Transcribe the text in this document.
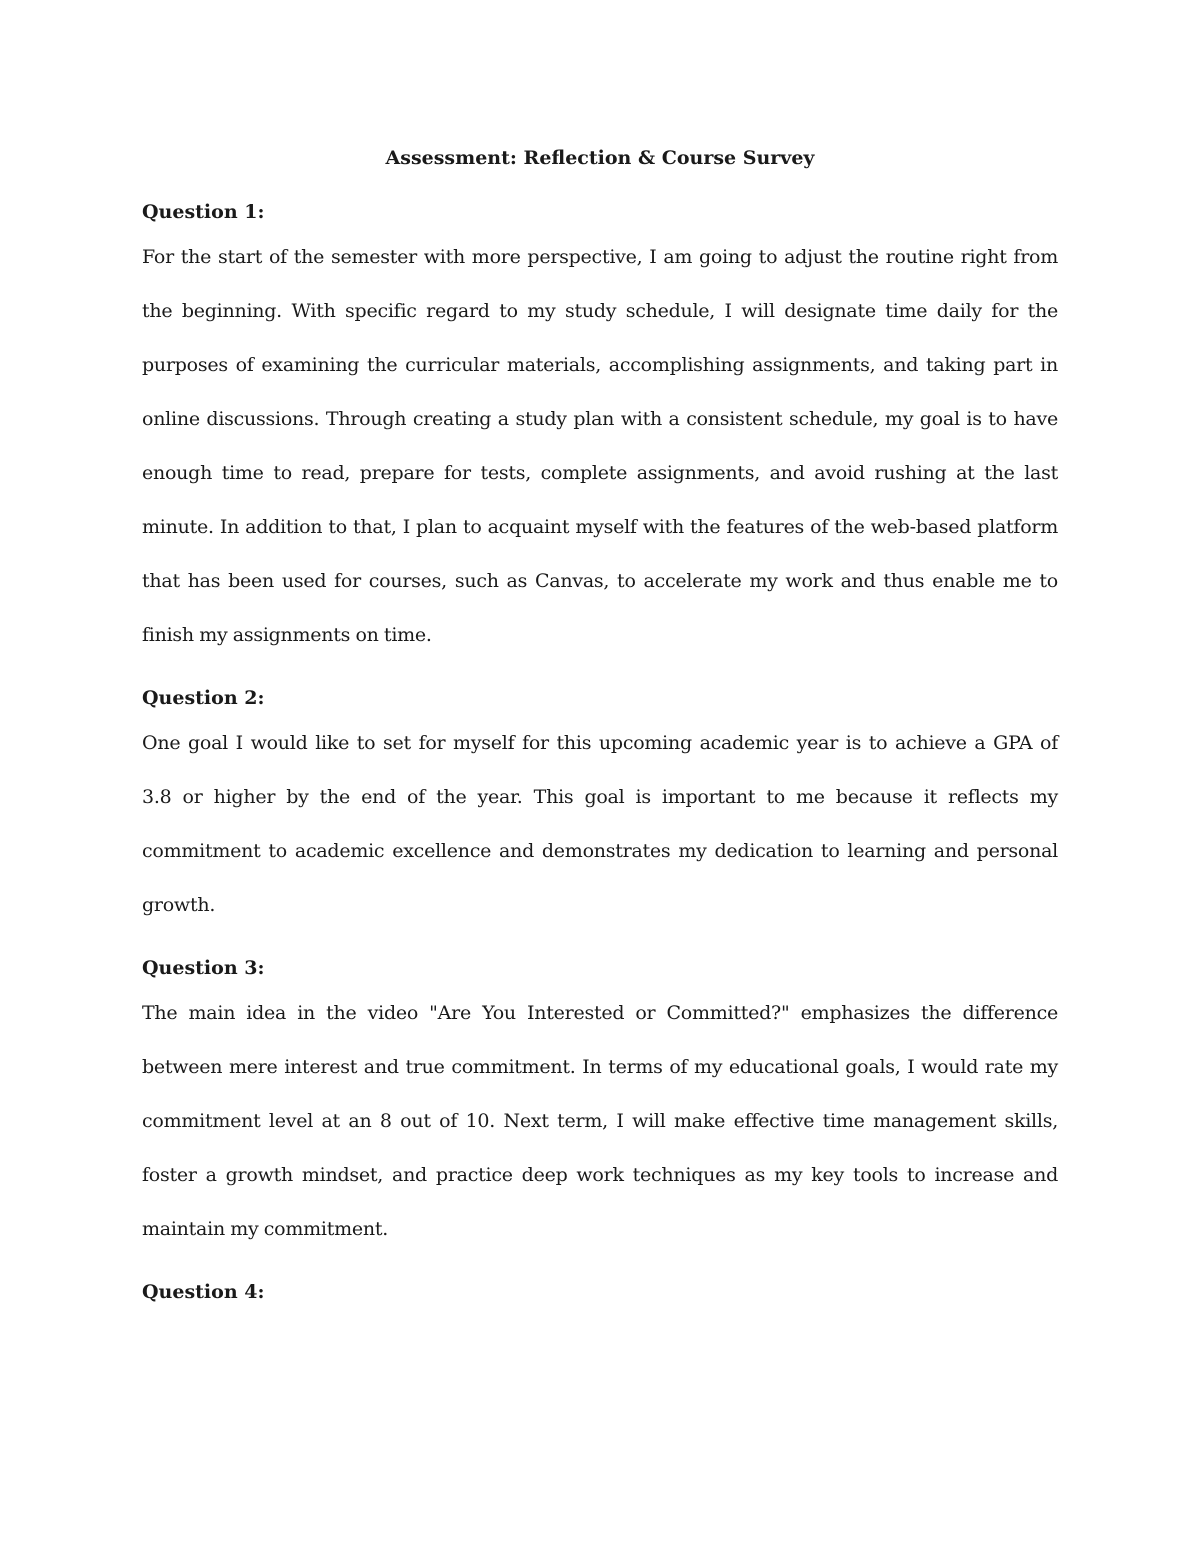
Assessment: Reflection & Course Survey
Question 1:
For the start of the semester with more perspective, I am going to adjust the routine right from
the beginning. With specific regard to my study schedule, I will designate time daily for the
purposes of examining the curricular materials, accomplishing assignments, and taking part in
online discussions. Through creating a study plan with a consistent schedule, my goal is to have
enough time to read, prepare for tests, complete assignments, and avoid rushing at the last
minute. In addition to that, I plan to acquaint myself with the features of the web-based platform
that has been used for courses, such as Canvas, to accelerate my work and thus enable me to
finish my assignments on time.
Question 2:
One goal I would like to set for myself for this upcoming academic year is to achieve a GPA of
3.8 or higher by the end of the year. This goal is important to me because it reflects my
commitment to academic excellence and demonstrates my dedication to learning and personal
growth.
Question 3:
The main idea in the video "Are You Interested or Committed?" emphasizes the difference
between mere interest and true commitment. In terms of my educational goals, I would rate my
commitment level at an 8 out of 10. Next term, I will make effective time management skills,
foster a growth mindset, and practice deep work techniques as my key tools to increase and
maintain my commitment.
Question 4:
